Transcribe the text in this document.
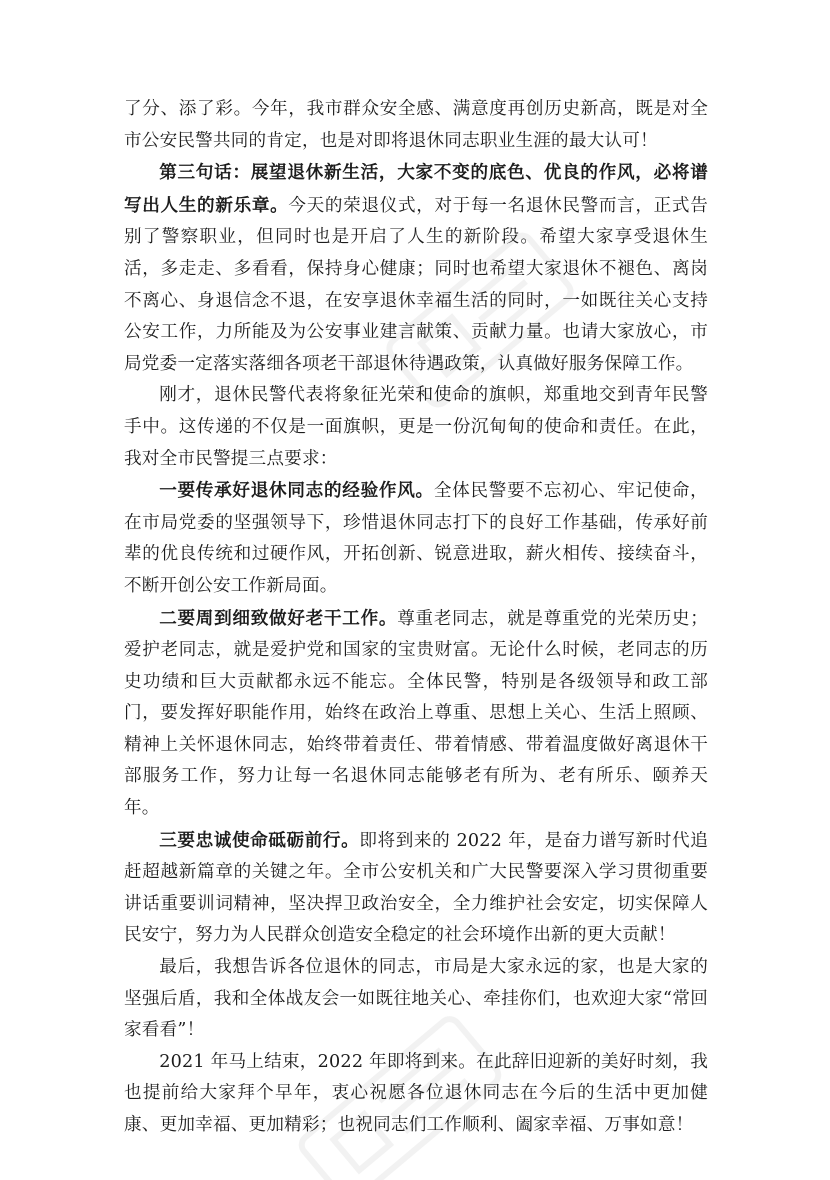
了分、添了彩。今年，我市群众安全感、满意度再创历史新高，既是对全市公安民警共同的肯定，也是对即将退休同志职业生涯的最大认可！

第三句话：展望退休新生活，大家不变的底色、优良的作风，必将谱写出人生的新乐章。今天的荣退仪式，对于每一名退休民警而言，正式告别了警察职业，但同时也是开启了人生的新阶段。希望大家享受退休生活，多走走、多看看，保持身心健康；同时也希望大家退休不褪色、离岗不离心、身退信念不退，在安享退休幸福生活的同时，一如既往关心支持公安工作，力所能及为公安事业建言献策、贡献力量。也请大家放心，市局党委一定落实落细各项老干部退休待遇政策，认真做好服务保障工作。

刚才，退休民警代表将象征光荣和使命的旗帜，郑重地交到青年民警手中。这传递的不仅是一面旗帜，更是一份沉甸甸的使命和责任。在此，我对全市民警提三点要求：

一要传承好退休同志的经验作风。全体民警要不忘初心、牢记使命，在市局党委的坚强领导下，珍惜退休同志打下的良好工作基础，传承好前辈的优良传统和过硬作风，开拓创新、锐意进取，薪火相传、接续奋斗，不断开创公安工作新局面。

二要周到细致做好老干工作。尊重老同志，就是尊重党的光荣历史；爱护老同志，就是爱护党和国家的宝贵财富。无论什么时候，老同志的历史功绩和巨大贡献都永远不能忘。全体民警，特别是各级领导和政工部门，要发挥好职能作用，始终在政治上尊重、思想上关心、生活上照顾、精神上关怀退休同志，始终带着责任、带着情感、带着温度做好离退休干部服务工作，努力让每一名退休同志能够老有所为、老有所乐、颐养天年。

三要忠诚使命砥砺前行。即将到来的 2022 年，是奋力谱写新时代追赶超越新篇章的关键之年。全市公安机关和广大民警要深入学习贯彻重要讲话重要训词精神，坚决捍卫政治安全，全力维护社会安定，切实保障人民安宁，努力为人民群众创造安全稳定的社会环境作出新的更大贡献！

最后，我想告诉各位退休的同志，市局是大家永远的家，也是大家的坚强后盾，我和全体战友会一如既往地关心、牵挂你们，也欢迎大家“常回家看看”！

2021 年马上结束，2022 年即将到来。在此辞旧迎新的美好时刻，我也提前给大家拜个早年，衷心祝愿各位退休同志在今后的生活中更加健康、更加幸福、更加精彩；也祝同志们工作顺利、阖家幸福、万事如意！
